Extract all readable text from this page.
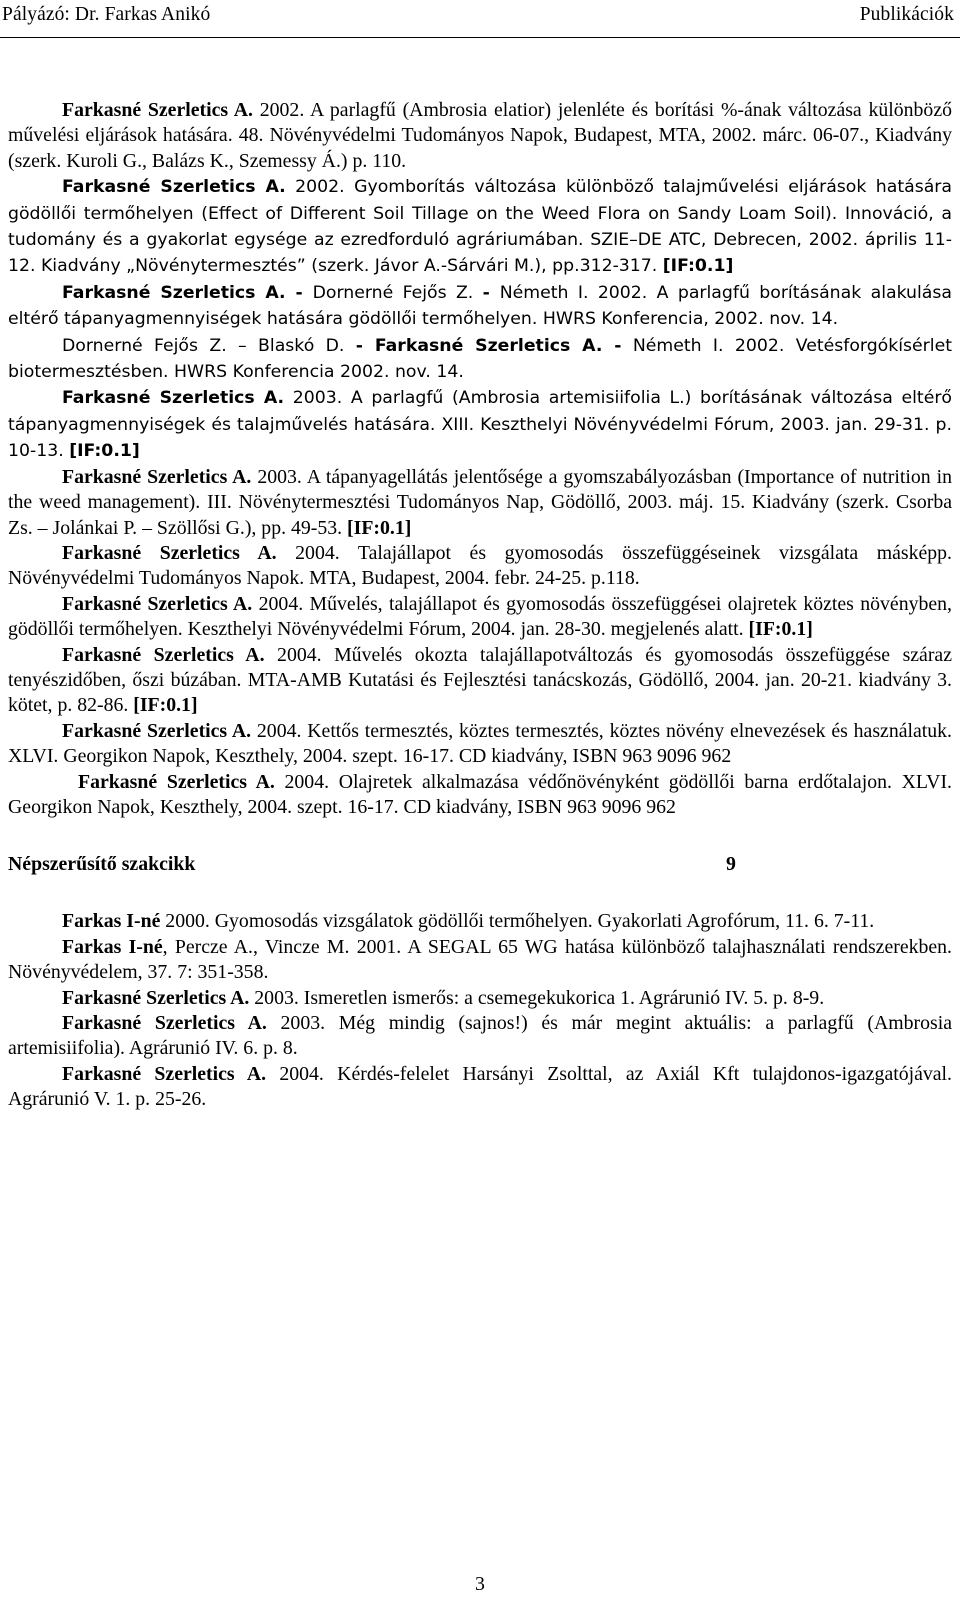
Pályázó: Dr. Farkas Anikó	Publikációk

Farkasné Szerletics A. 2002. A parlagfű (Ambrosia elatior) jelenléte és borítási %-ának változása különböző művelési eljárások hatására. 48. Növényvédelmi Tudományos Napok, Budapest, MTA, 2002. márc. 06-07., Kiadvány (szerk. Kuroli G., Balázs K., Szemessy Á.) p. 110.

Farkasné Szerletics A. 2002. Gyomborítás változása különböző talajművelési eljárások hatására gödöllői termőhelyen (Effect of Different Soil Tillage on the Weed Flora on Sandy Loam Soil). Innováció, a tudomány és a gyakorlat egysége az ezredforduló agráriumában. SZIE–DE ATC, Debrecen, 2002. április 11-12. Kiadvány „Növénytermesztés” (szerk. Jávor A.-Sárvári M.), pp.312-317. [IF:0.1]

Farkasné Szerletics A. - Dornerné Fejős Z. - Németh I. 2002. A parlagfű borításának alakulása eltérő tápanyagmennyiségek hatására gödöllői termőhelyen. HWRS Konferencia, 2002. nov. 14.

Dornerné Fejős Z. – Blaskó D. - Farkasné Szerletics A. - Németh I. 2002. Vetésforgókísérlet biotermesztésben. HWRS Konferencia 2002. nov. 14.

Farkasné Szerletics A. 2003. A parlagfű (Ambrosia artemisiifolia L.) borításának változása eltérő tápanyagmennyiségek és talajművelés hatására. XIII. Keszthelyi Növényvédelmi Fórum, 2003. jan. 29-31. p. 10-13. [IF:0.1]

Farkasné Szerletics A. 2003. A tápanyagellátás jelentősége a gyomszabályozásban (Importance of nutrition in the weed management). III. Növénytermesztési Tudományos Nap, Gödöllő, 2003. máj. 15. Kiadvány (szerk. Csorba Zs. – Jolánkai P. – Szöllősi G.), pp. 49-53. [IF:0.1]

Farkasné Szerletics A. 2004. Talajállapot és gyomosodás összefüggéseinek vizsgálata másképp. Növényvédelmi Tudományos Napok. MTA, Budapest, 2004. febr. 24-25. p.118.

Farkasné Szerletics A. 2004. Művelés, talajállapot és gyomosodás összefüggései olajretek köztes növényben, gödöllői termőhelyen. Keszthelyi Növényvédelmi Fórum, 2004. jan. 28-30. megjelenés alatt. [IF:0.1]

Farkasné Szerletics A. 2004. Művelés okozta talajállapotváltozás és gyomosodás összefüggése száraz tenyészidőben, őszi búzában. MTA-AMB Kutatási és Fejlesztési tanácskozás, Gödöllő, 2004. jan. 20-21. kiadvány 3. kötet, p. 82-86. [IF:0.1]

Farkasné Szerletics A. 2004. Kettős termesztés, köztes termesztés, köztes növény elnevezések és használatuk. XLVI. Georgikon Napok, Keszthely, 2004. szept. 16-17. CD kiadvány, ISBN 963 9096 962

Farkasné Szerletics A. 2004. Olajretek alkalmazása védőnövényként gödöllői barna erdőtalajon. XLVI. Georgikon Napok, Keszthely, 2004. szept. 16-17. CD kiadvány, ISBN 963 9096 962

Népszerűsítő szakcikk	9

Farkas I-né 2000. Gyomosodás vizsgálatok gödöllői termőhelyen. Gyakorlati Agrofórum, 11. 6. 7-11.

Farkas I-né, Percze A., Vincze M. 2001. A SEGAL 65 WG hatása különböző talajhasználati rendszerekben. Növényvédelem, 37. 7: 351-358.

Farkasné Szerletics A. 2003. Ismeretlen ismerős: a csemegekukorica 1. Agrárunió IV. 5. p. 8-9.

Farkasné Szerletics A. 2003. Még mindig (sajnos!) és már megint aktuális: a parlagfű (Ambrosia artemisiifolia). Agrárunió IV. 6. p. 8.

Farkasné Szerletics A. 2004. Kérdés-felelet Harsányi Zsolttal, az Axiál Kft tulajdonos-igazgatójával. Agrárunió V. 1. p. 25-26.

3
